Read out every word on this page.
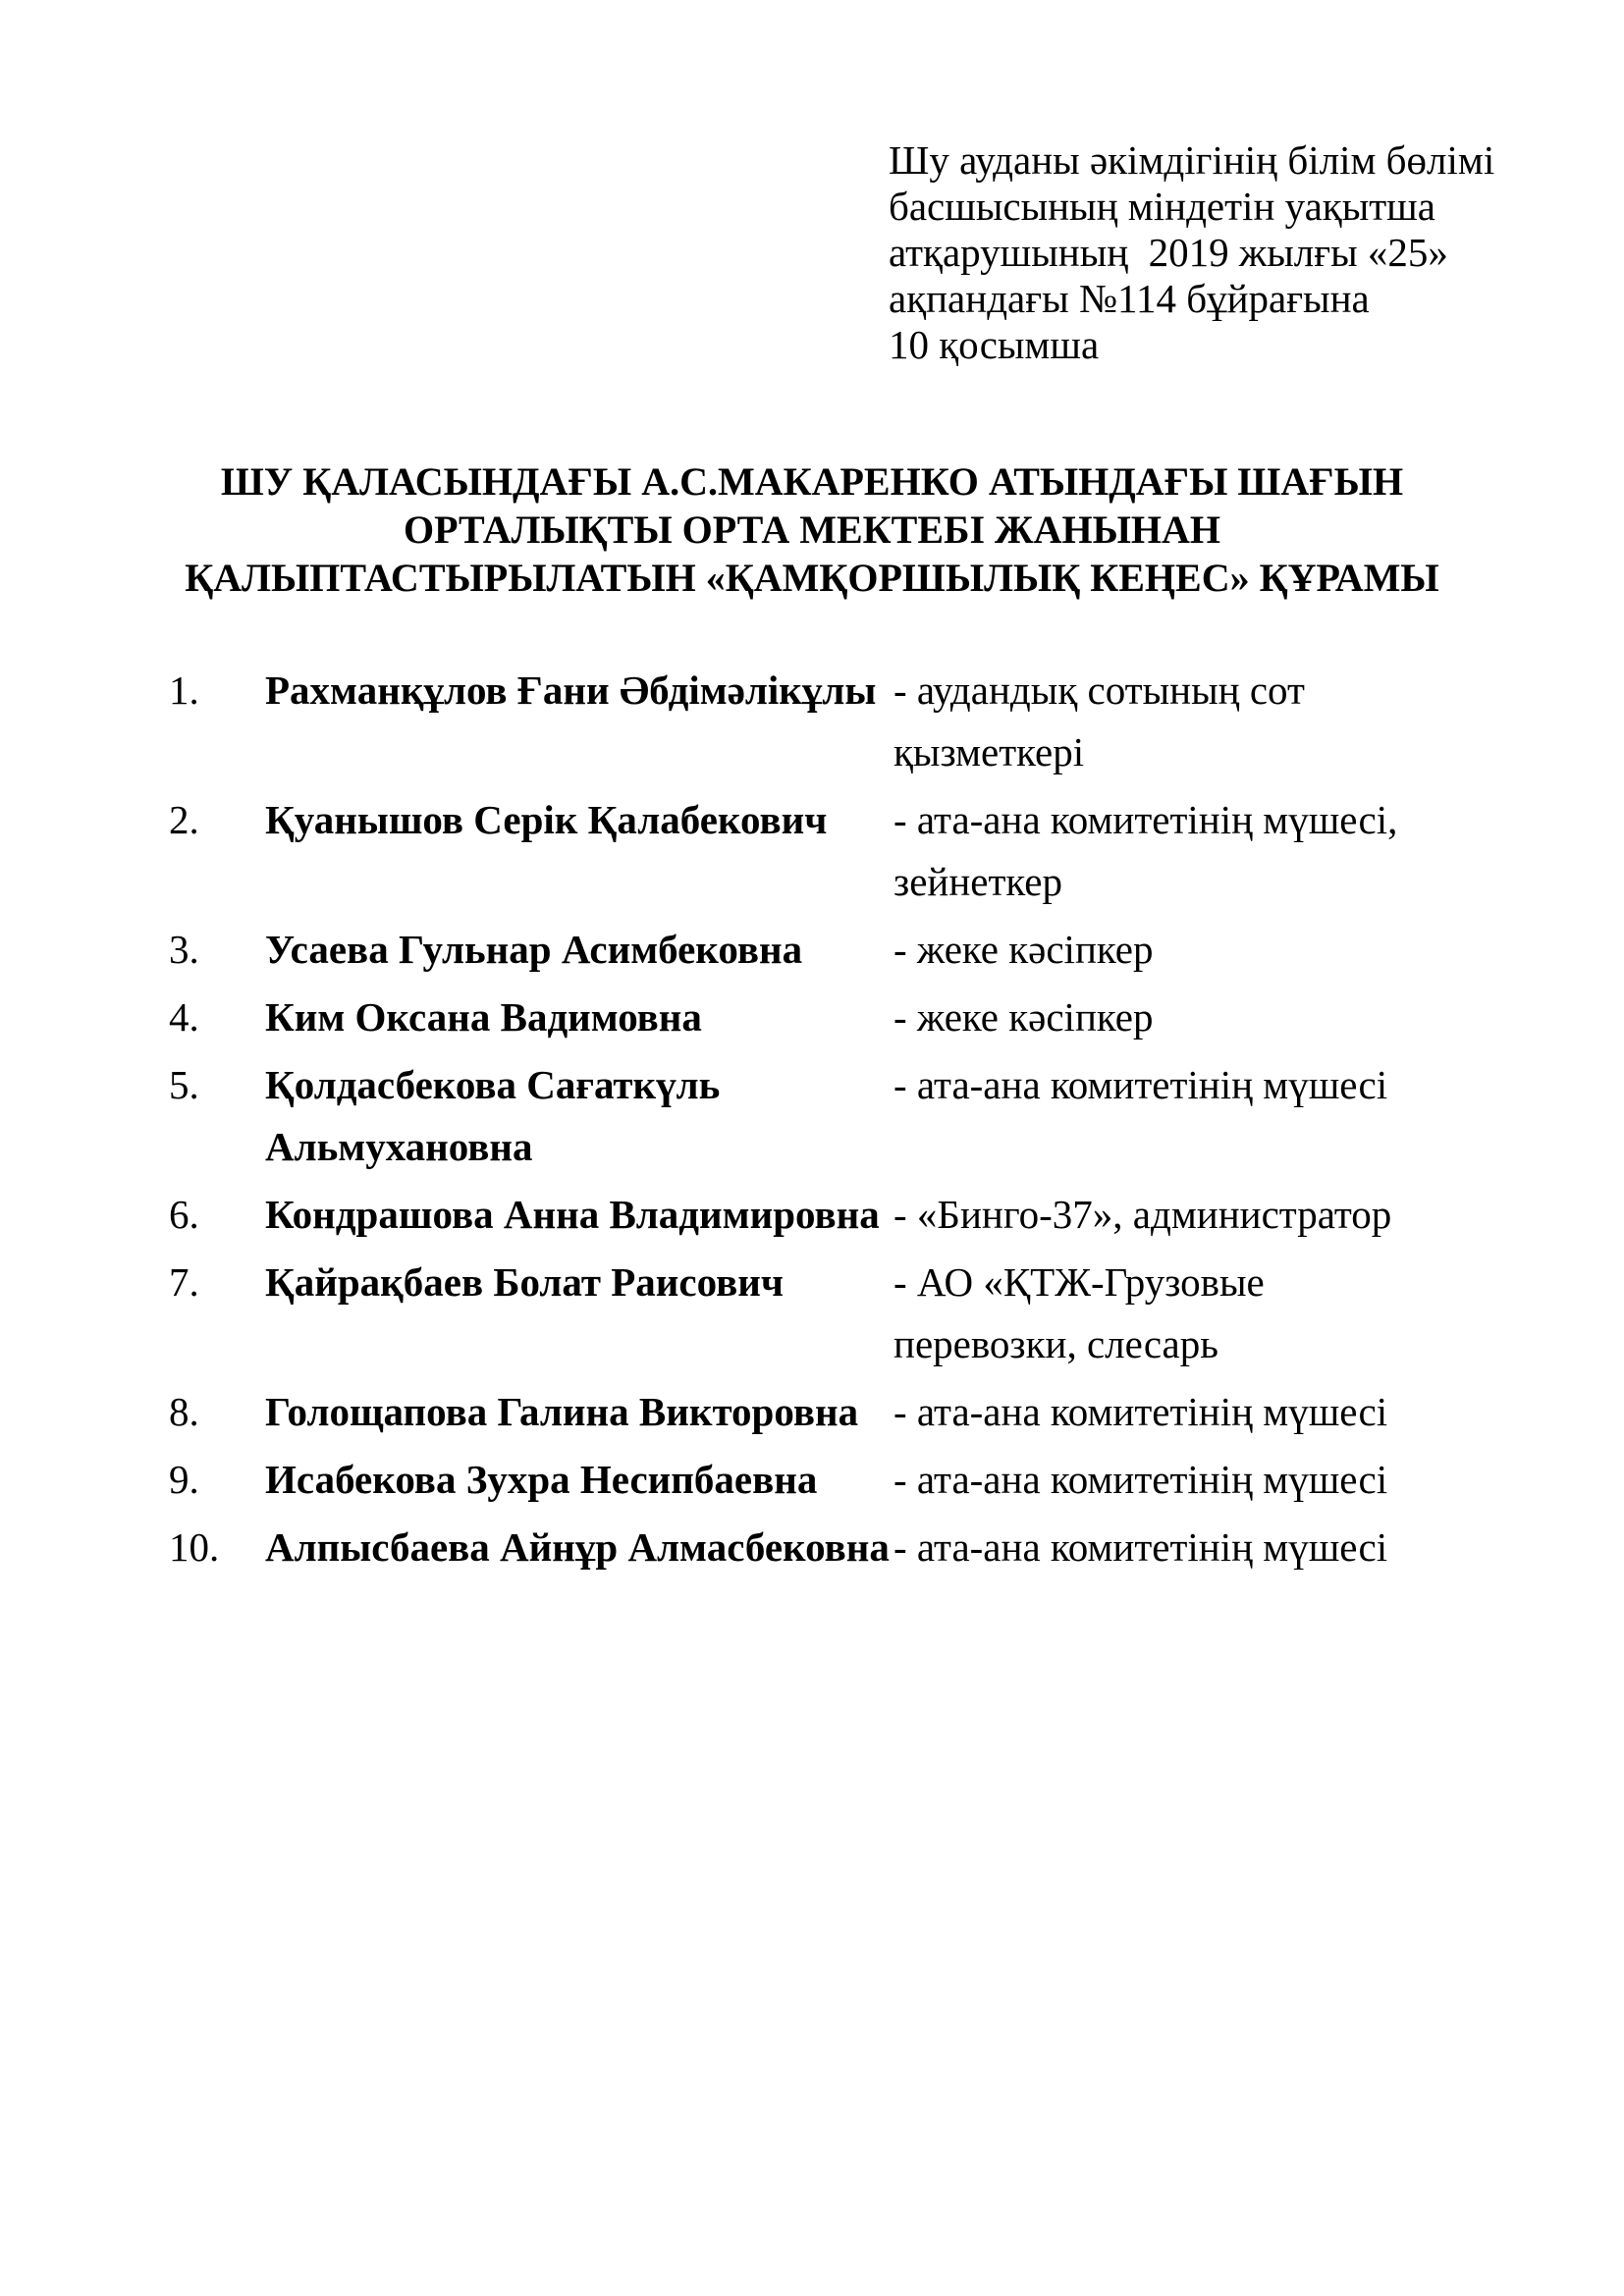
Шу ауданы әкімдігінің білім бөлімі
басшысының міндетін уақытша
атқарушының  2019 жылғы «25»
ақпандағы №114 бұйрағына
10 қосымша
ШУ ҚАЛАСЫНДАҒЫ А.С.МАКАРЕНКО АТЫНДАҒЫ ШАҒЫН
ОРТАЛЫҚТЫ ОРТА МЕКТЕБІ ЖАНЫНАН
ҚАЛЫПТАСТЫРЫЛАТЫН «ҚАМҚОРШЫЛЫҚ КЕҢЕС» ҚҰРАМЫ
1.	Рахманқұлов Ғани Әбдімәлікұлы - аудандық сотының сот
қызметкері
2.	Қуанышов Серік Қалабекович	- ата-ана комитетінің мүшесі,
зейнеткер
3.	Усаева Гульнар Асимбековна	- жеке кәсіпкер
4.	Ким Оксана Вадимовна	- жеке кәсіпкер
5.	Қолдасбекова Сағаткүль
Альмухановна
- ата-ана комитетінің мүшесі
6.	Кондрашова Анна Владимировна - «Бинго-37», администратор
7.	Қайрақбаев Болат Раисович	- АО «ҚТЖ-Грузовые
перевозки, слесарь
8.	Голощапова Галина Викторовна - ата-ана комитетінің мүшесі
9.	Исабекова Зухра Несипбаевна	- ата-ана комитетінің мүшесі
10.	Алпысбаева Айнұр Алмасбековна - ата-ана комитетінің мүшесі
